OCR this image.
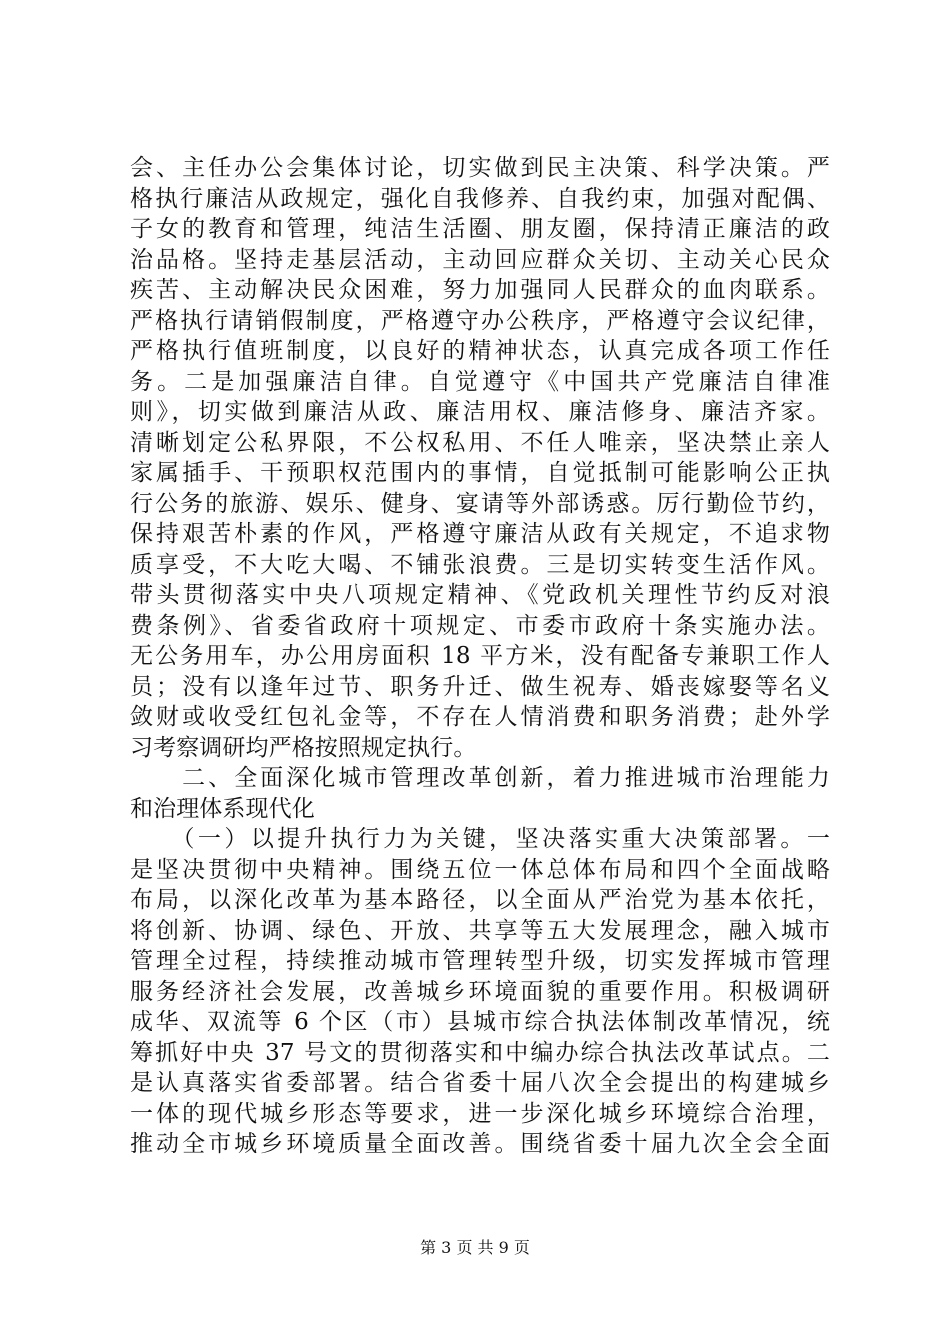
会、主任办公会集体讨论，切实做到民主决策、科学决策。严
格执行廉洁从政规定，强化自我修养、自我约束，加强对配偶、
子女的教育和管理，纯洁生活圈、朋友圈，保持清正廉洁的政
治品格。坚持走基层活动，主动回应群众关切、主动关心民众
疾苦、主动解决民众困难，努力加强同人民群众的血肉联系。
严格执行请销假制度，严格遵守办公秩序，严格遵守会议纪律，
严格执行值班制度，以良好的精神状态，认真完成各项工作任
务。二是加强廉洁自律。自觉遵守《中国共产党廉洁自律准
则》，切实做到廉洁从政、廉洁用权、廉洁修身、廉洁齐家。
清晰划定公私界限，不公权私用、不任人唯亲，坚决禁止亲人
家属插手、干预职权范围内的事情，自觉抵制可能影响公正执
行公务的旅游、娱乐、健身、宴请等外部诱惑。厉行勤俭节约，
保持艰苦朴素的作风，严格遵守廉洁从政有关规定，不追求物
质享受，不大吃大喝、不铺张浪费。三是切实转变生活作风。
带头贯彻落实中央八项规定精神、《党政机关理性节约反对浪
费条例》、省委省政府十项规定、市委市政府十条实施办法。
无公务用车，办公用房面积 18 平方米，没有配备专兼职工作人
员；没有以逢年过节、职务升迁、做生祝寿、婚丧嫁娶等名义
敛财或收受红包礼金等，不存在人情消费和职务消费；赴外学
习考察调研均严格按照规定执行。
　　二、全面深化城市管理改革创新，着力推进城市治理能力
和治理体系现代化
　　（一）以提升执行力为关键，坚决落实重大决策部署。一
是坚决贯彻中央精神。围绕五位一体总体布局和四个全面战略
布局，以深化改革为基本路径，以全面从严治党为基本依托，
将创新、协调、绿色、开放、共享等五大发展理念，融入城市
管理全过程，持续推动城市管理转型升级，切实发挥城市管理
服务经济社会发展，改善城乡环境面貌的重要作用。积极调研
成华、双流等 6 个区（市）县城市综合执法体制改革情况，统
筹抓好中央 37 号文的贯彻落实和中编办综合执法改革试点。二
是认真落实省委部署。结合省委十届八次全会提出的构建城乡
一体的现代城乡形态等要求，进一步深化城乡环境综合治理，
推动全市城乡环境质量全面改善。围绕省委十届九次全会全面
第 3 页 共 9 页
